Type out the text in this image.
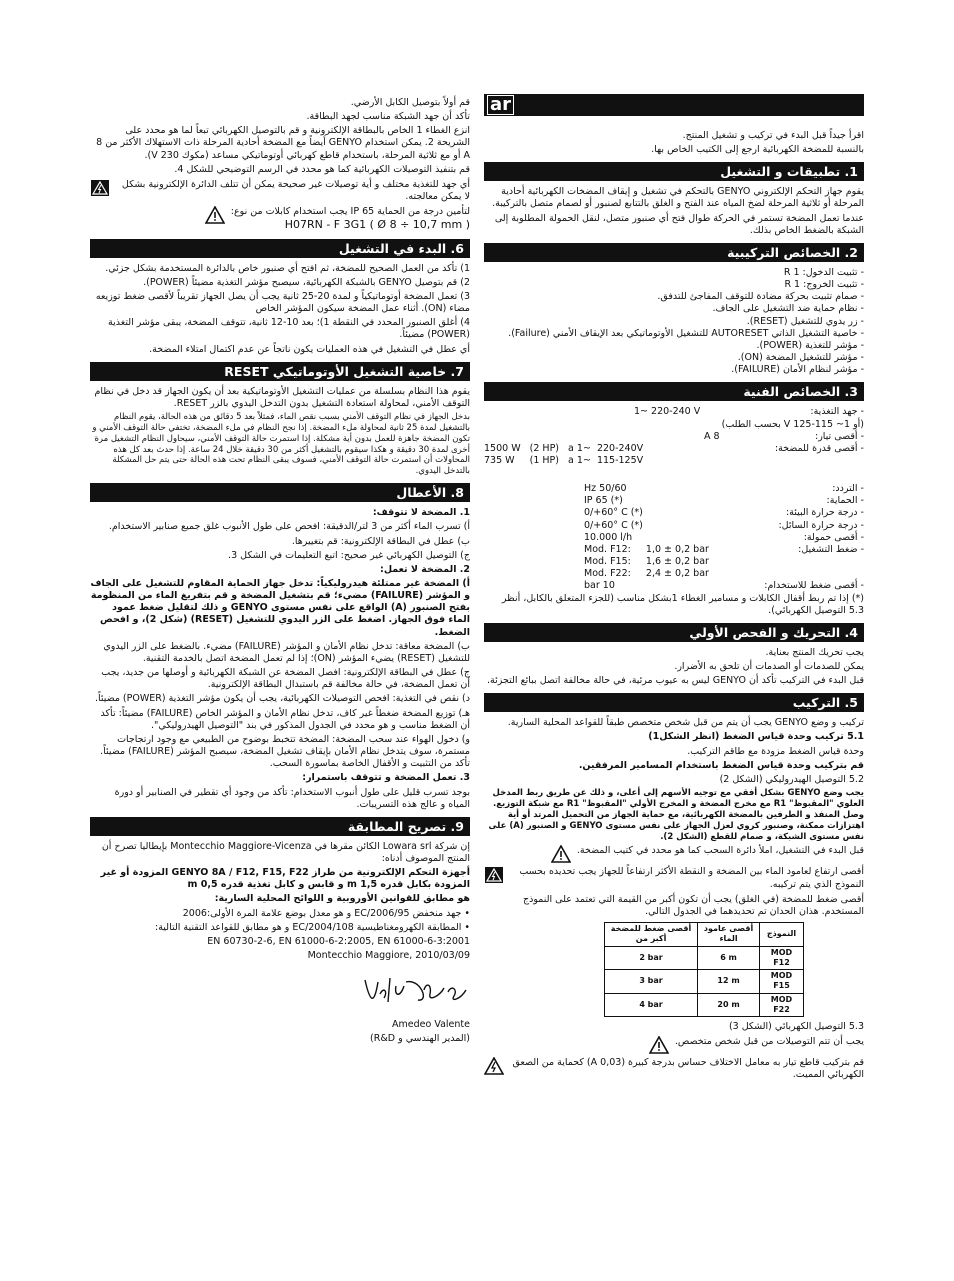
ar

اقرأ جيداً قبل البدء في تركيب و تشغيل المنتج.

بالنسبة للمضخة الكهربائية ارجع إلى الكتيب الخاص بها.

1. تطبيقات و التشغيل

يقوم جهاز التحكم الإلكتروني GENYO بالتحكم في تشغيل و إيقاف المضخات الكهربائية أحادية المرحلة أو ثلاثية المرحلة لضخ المياه عند الفتح و الغلق بالتتابع لصنبور أو لصمام متصل بالتركيبة.

عندما تعمل المضخة تستمر في الحركة طوال فتح أي صنبور متصل، لنقل الحمولة المطلوبة إلى الشبكة بالضغط الخاص بذلك.

2. الخصائص التركيبية
- تثبيت الدخول: R 1
- تثبيت الخروج: R 1
- صمام تثبيت بحركة مضادة للتوقف المفاجئ للتدفق.
- نظام حماية ضد التشغيل على الجاف.
- زر يدوي للتشغيل (RESET).
- خاصية التشغيل الذاتي AUTORESET للتشغيل الأوتوماتيكي بعد الإيقاف الأمني (Failure).
- مؤشر للتغذية (POWER).
- مؤشر للتشغيل المضخة (ON).
- مؤشر لنظام الأمان (FAILURE).
3. الخصائص الفنية
- جهد التغذية:
1~ 220-240 V
(أو 1~ 115-125 V بحسب الطلب)
- أقصى تيار:
A 8
- أقصى قدرة للمضخة:
1500 W   (2 HP)   a 1~  220-240V
735 W     (1 HP)   a 1~  115-125V
- التردد:
Hz 50/60
- الحماية:
IP 65 (*)
- درجة حرارة البيئة:
0/+60° C (*)
- درجة حرارة السائل:
0/+60° C (*)
- أقصى حمولة:
10.000 l/h
- ضغط التشغيل:
Mod. F12:     1,0 ± 0,2 bar
Mod. F15:     1,6 ± 0,2 bar
Mod. F22:     2,4 ± 0,2 bar
- أقصى ضغط للاستخدام:
bar 10
(*) إذا تم ربط أقفال الكابلات و مسامير الغطاء 1بشكل مناسب (للجزء المتعلق بالكابل، أنظر 5.3 التوصيل الكهربائي).
4. التحريك و الفحص الأولي

يجب تحريك المنتج بعناية.

يمكن للصدمات أو الصدمات أن تلحق به الأضرار.

قبل البدء في التركيب تأكد أن GENYO ليس به عيوب مرئية، في حالة مخالفة اتصل ببائع التجزئة.

5. التركيب

تركيب و وضع GENYO يجب أن يتم من قبل شخص متخصص طبقاً للقواعد المحلية السارية.

5.1 تركيب وحدة قياس الضغط (انظر الشكل1)

وحدة قياس الضغط مزودة مع طاقم التركيب.

قم بتركيب وحدة قياس الضغط باستخدام المسامير المرفقين.

5.2 التوصيل الهيدروليكي (الشكل 2)

يجب وضع GENYO بشكل أفقي مع توجيه الأسهم إلى أعلى، و ذلك عن طريق ربط المدخل العلوي "المقبوظ" R1 مع مخرج المضخة و المخرج الأولي "المقبوظ" R1 مع شبكة التوزيع. وصل المنفذ و الطرفين بالمضخة الكهربائية، مع حماية الجهاز من التحميل المرتد أو أية اهتزازات ممكنة، وصنبور كروي لعزل الجهاز على نفس مستوى GENYO و الصنبور (A) على نفس مستوى الشبكة، و صمام للقطع (الشكل 2).

قبل البدء في التشغيل، املأ دائرة السحب كما هو محدد في كتيب المضخة.
أقصى ارتفاع لعامود الماء بين المضخة و النقطة الأكثر ارتفاعاً للجهاز يجب تحديده بحسب النموذج الذي يتم تركيبه.

أقصى ضغط للمضخة (في الغلق) يجب أن تكون أكبر من القيمة التي تعتمد على النموذج المستخدم. هذان الحدان تم تحديدهما في الجدول التالي.

أقصى ضغط للمضخة أكبر من	أقصى عامود الماء	النموذج
2 bar	6 m	MOD F12
3 bar	12 m	MOD F15
4 bar	20 m	MOD F22

5.3 التوصيل الكهربائي (الشكل 3)

يجب أن تتم التوصيلات من قبل شخص متخصص.
قم بتركيب قاطع تيار به معامل الاختلاف حساس بدرجة كبيرة (0,03 A) كحماية من الصعق الكهربائي المميت.

قم أولاً بتوصيل الكابل الأرضي.

تأكد أن جهد الشبكة مناسب لجهد البطاقة.

انزع الغطاء 1 الخاص بالبطاقة الإلكترونية و قم بالتوصيل الكهربائي تبعاً لما هو محدد على الشريحة 2. يمكن استخدام GENYO أيضاً مع المضخة أحادية المرحلة ذات الاستهلاك الأكثر من 8 A أو مع ثلاثية المرحلة، باستخدام قاطع كهربائي أوتوماتيكي مساعد (مكوك 230 V).

قم بتنفيذ التوصيلات الكهربائية كما هو محدد في الرسم التوضيحي للشكل 4.

أي جهد للتغذية مختلف و أية توصيلات غير صحيحة يمكن أن تتلف الدائرة الإلكترونية بشكل لا يمكن معالجته.
لتأمين درجة من الحماية IP 65 يجب استخدام كابلات من نوع:
H07RN - F 3G1 ( Ø 8 ÷ 10,7 mm )
6. البدء في التشغيل

1) تأكد من العمل الصحيح للمضخة، ثم افتح أي صنبور خاص بالدائرة المستخدمة بشكل جزئي.

2) قم بتوصيل GENYO بالشبكة الكهربائية، سيصبح مؤشر التغذية مضيئاً (POWER).

3) تعمل المضخة أوتوماتيكياً و لمدة 20-25 ثانية يجب أن يصل الجهاز تقريباً لأقصى ضغط توزيعه مضاء (ON). أثناء عمل المضخة سيكون المؤشر الخاص

4) أغلق الصنبور المحدد في النقطة 1)؛ بعد 10-12 ثانية، تتوقف المضخة، يبقى مؤشر التغذية (POWER) مضيئاً.

أي عطل في التشغيل في هذه العمليات يكون ناتجاً عن عدم اكتمال امتلاء المضخة.

7. خاصية التشغيل الأوتوماتيكي RESET

يقوم هذا النظام بسلسلة من عمليات التشغيل الأوتوماتيكية بعد أن يكون الجهاز قد دخل في نظام التوقف الأمني، لمحاولة استعادة التشغيل بدون التدخل اليدوي بالزر RESET.

بدخل الجهاز في نظام التوقف الأمني بسبب نقص الماء، فمثلاً بعد 5 دقائق من هذه الحالة، يقوم النظام بالتشغيل لمدة 25 ثانية لمحاولة ملء المضخة. إذا نجح النظام في ملء المضخة، تختفي حالة التوقف الأمني و تكون المضخة جاهزة للعمل بدون أية مشكلة. إذا استمرت حالة التوقف الأمني، سيحاول النظام التشغيل مرة أخرى لمدة 30 دقيقة و هكذا سيقوم بالتشغيل أكثر من 30 دقيقة خلال 24 ساعة. إذا حدث بعد كل هذه المحاولات أن استمرت حالة التوقف الأمني، فسوف يبقى النظام تحت هذه الحالة حتى يتم حل المشكلة بالتدخل اليدوي.

8. الأعطال

1. المضخة لا تتوقف:

أ) تسرب الماء أكثر من 3 لتر/الدقيقة: افحص على طول الأنبوب غلق جميع صنابير الاستخدام.

ب) عطل في البطاقة الإلكترونية: قم بتغييرها.

ج) التوصيل الكهربائي غير صحيح: اتبع التعليمات في الشكل 3.

2. المضخة لا تعمل:

أ) المضخة غير ممتلئة هيدروليكياً: تدخل جهاز الحماية المقاوم للتشغيل على الجاف و المؤشر (FAILURE) مضيء؛ قم بتشغيل المضخة و قم بتفريغ الماء من المنظومة بفتح الصنبور (A) الواقع على نفس مستوى GENYO و ذلك لتقليل ضغط عمود الماء فوق الجهاز. اضغط على الزر اليدوي للتشغيل (RESET) (شكل 2)، و افحص الضغط.

ب) المضخة معاقة: تدخل نظام الأمان و المؤشر (FAILURE) مضيء. بالضغط على الزر اليدوي للتشغيل (RESET) يضيء المؤشر (ON)؛ إذا لم تعمل المضخة اتصل بالخدمة التقنية.

ج) عطل في البطاقة الإلكترونية: افصل المضخة عن الشبكة الكهربائية و أوصلها من جديد، يجب أن تعمل المضخة، في حالة مخالفة قم باستبدال البطاقة الإلكترونية.

د) نقص في التغذية: افحص التوصيلات الكهربائية، يجب أن يكون مؤشر التغذية (POWER) مضيئاً.

هـ) توزيع المضخة ضغطاً غير كاف، تدخل نظام الأمان و المؤشر الخاص (FAILURE) مضيئاً: تأكد أن الضغط مناسب و هو محدد في الجدول المذكور في بند "التوصيل الهيدروليكي".

و) دخول الهواء عند سحب المضخة: المضخة تتخبط بوضوح من الطبيعي مع وجود ارتجاجات مستمرة، سوف يتدخل نظام الأمان بإيقاف تشغيل المضخة، سيصبح المؤشر (FAILURE) مضيئاً. تأكد من التثبيت و الأقفال الخاصة بماسورة السحب.

3. تعمل المضخة و تتوقف باستمرار:

بوجد تسرب قليل على طول أنبوب الاستخدام: تأكد من وجود أي تقطير في الصنابير أو دورة المياه و عالج هذه التسريبات.

9. تصريح المطابقة

إن شركة Lowara srl الكائن مقرها في Montecchio Maggiore-Vicenza بإيطاليا تصرح أن المنتج الموصوف أدناه:

أجهزة التحكم الإلكترونية من طراز GENYO 8A / F12, F15, F22 المزودة أو غير المزودة بكابل قدره 1,5 m و قابس و كابل تغذية قدره 0,5 m

هو مطابق للقوانين الأوروبية و اللوائح المحلية السارية:

• جهد منخفض 2006/95/EC و هو معدل بوضع علامة المرة الأولى:2006

• المطابقة الكهرومغناطيسية 2004/108/EC و هو مطابق للقواعد التقنية التالية:

EN 60730-2-6, EN 61000-6-2:2005, EN 61000-6-3:2001

Montecchio Maggiore, 2010/03/09

Amedeo Valente

(المدير الهندسي و R&D)
